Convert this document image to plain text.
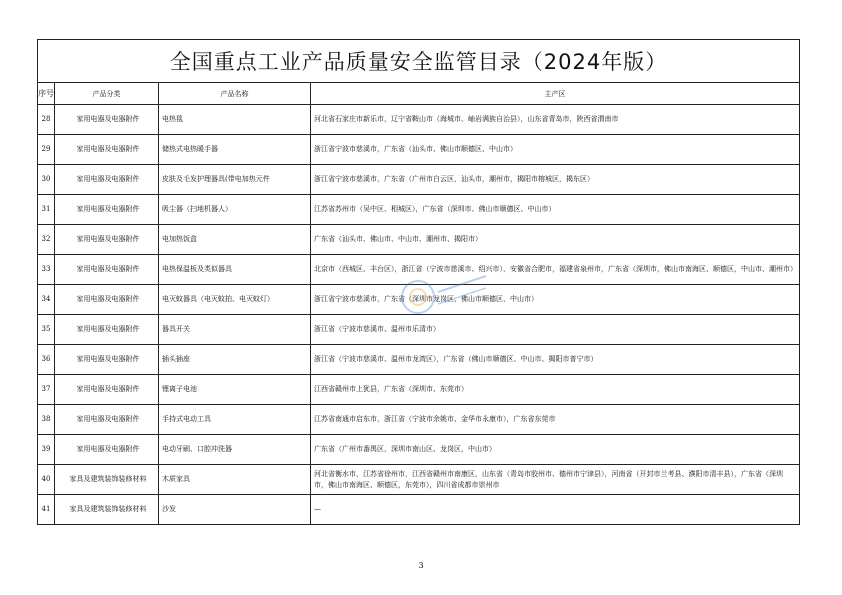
全国重点工业产品质量安全监管目录（2024年版）			
序号	产品分类	产品名称	主产区
28	家用电器及电器附件	电热毯	河北省石家庄市新乐市，辽宁省鞍山市（海城市、岫岩满族自治县），山东省青岛市，陕西省渭南市
29	家用电器及电器附件	储热式电热暖手器	浙江省宁波市慈溪市，广东省（汕头市、佛山市顺德区、中山市）
30	家用电器及电器附件	皮肤及毛发护理器具(带电加热元件	浙江省宁波市慈溪市，广东省（广州市白云区，汕头市，潮州市，揭阳市榕城区，揭东区）
31	家用电器及电器附件	吸尘器（扫地机器人）	江苏省苏州市（吴中区、相城区），广东省（深圳市、佛山市顺德区、中山市）
32	家用电器及电器附件	电加热饭盒	广东省（汕头市、佛山市、中山市、潮州市、揭阳市）
33	家用电器及电器附件	电热保温板及类似器具	北京市（西城区、丰台区），浙江省（宁波市慈溪市、绍兴市），安徽省合肥市，福建省泉州市，广东省（深圳市，佛山市南海区、顺德区，中山市、潮州市）
34	家用电器及电器附件	电灭蚊器具（电灭蚊拍、电灭蚊灯）	浙江省宁波市慈溪市，广东省（深圳市龙岗区、佛山市顺德区、中山市）
35	家用电器及电器附件	器具开关	浙江省（宁波市慈溪市、温州市乐清市）
36	家用电器及电器附件	插头插座	浙江省（宁波市慈溪市、温州市龙湾区），广东省（佛山市顺德区、中山市、揭阳市普宁市）
37	家用电器及电器附件	锂离子电池	江西省赣州市上犹县，广东省（深圳市、东莞市）
38	家用电器及电器附件	手持式电动工具	江苏省南通市启东市，浙江省（宁波市余姚市、金华市永康市），广东省东莞市
39	家用电器及电器附件	电动牙刷、口腔冲洗器	广东省（广州市番禺区，深圳市南山区、龙岗区，中山市）
40	家具及建筑装饰装修材料	木质家具	河北省衡水市，江苏省徐州市，江西省赣州市南康区，山东省（青岛市胶州市、德州市宁津县），河南省（开封市兰考县、濮阳市清丰县），广东省（深圳市，佛山市南海区、顺德区，东莞市），四川省成都市崇州市
41	家具及建筑装饰装修材料	沙发	—
3
